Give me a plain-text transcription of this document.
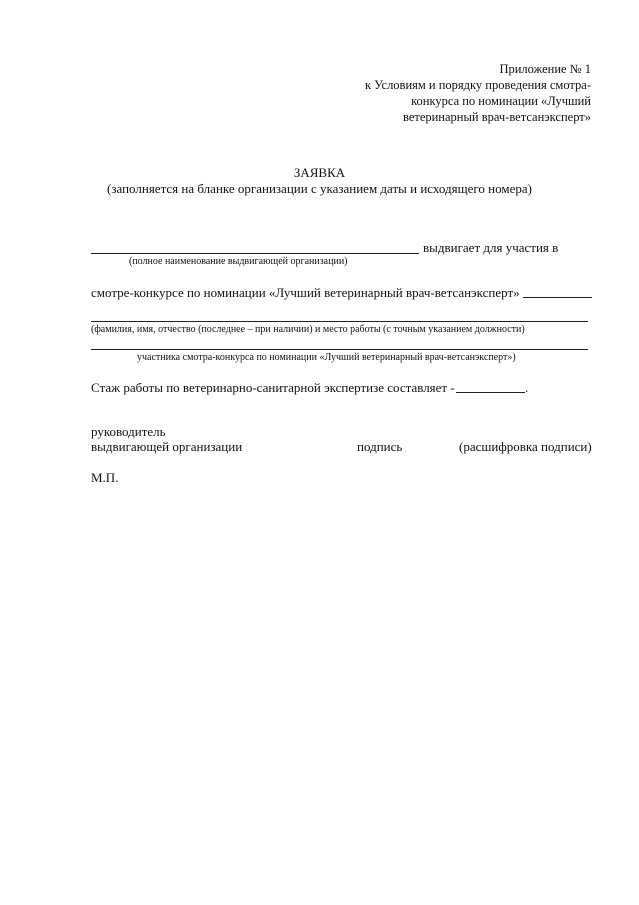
Приложение № 1
к Условиям и порядку проведения смотра-
конкурса по номинации «Лучший
ветеринарный врач-ветсанэксперт»
ЗАЯВКА
(заполняется на бланке организации с указанием даты и исходящего номера)
выдвигает для участия в
(полное наименование выдвигающей организации)
смотре-конкурсе по номинации «Лучший ветеринарный врач-ветсанэксперт»
(фамилия, имя, отчество (последнее – при наличии) и место работы (с точным указанием должности)
участника смотра-конкурса по номинации «Лучший ветеринарный врач-ветсанэксперт»)
Стаж работы по ветеринарно-санитарной экспертизе составляет -	.
руководитель
выдвигающей организации	подпись	(расшифровка подписи)
М.П.
